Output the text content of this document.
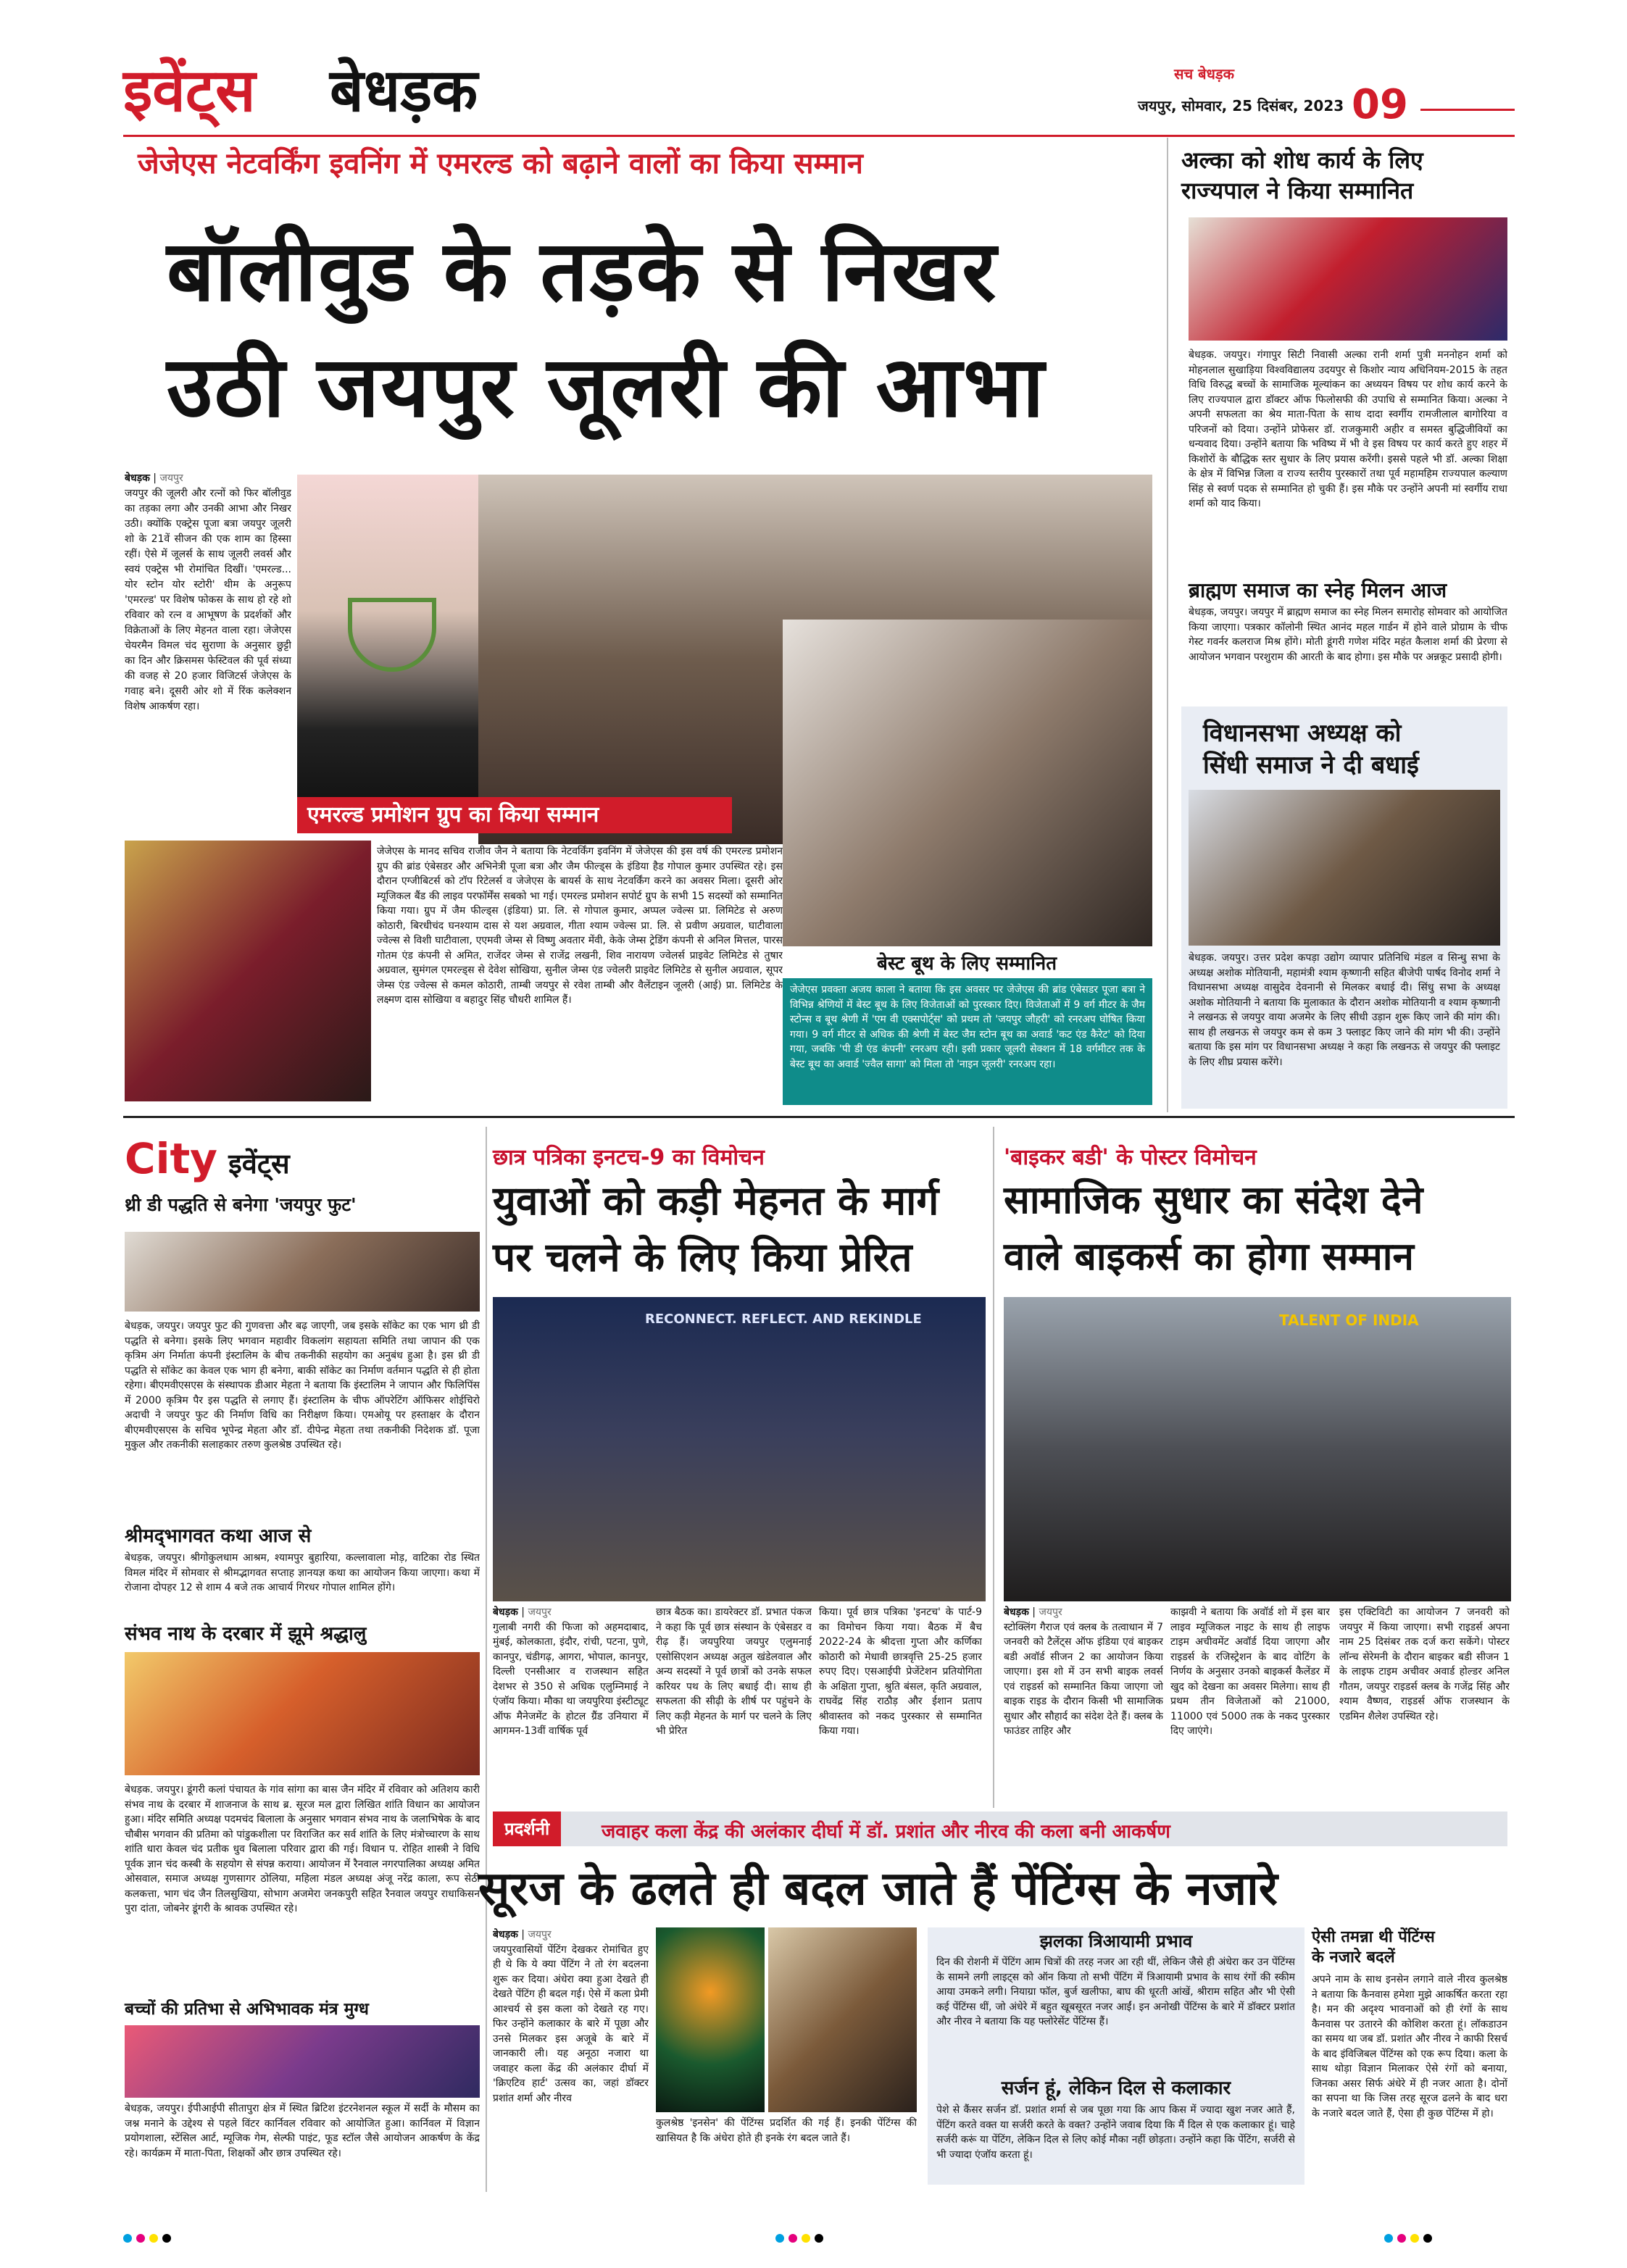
इवेंट्स बेधड़क	सच बेधड़क
जयपुर, सोमवार, 25 दिसंबर, 2023 09
जेजेएस नेटवर्किंग इवनिंग में एमरल्ड को बढ़ाने वालों का किया सम्मान
बॉलीवुड के तड़के से निखर
उठी जयपुर जूलरी की आभा
बेधड़क | जयपुर
जयपुर की जूलरी और रत्नों को फिर बॉलीवुड का तड़का लगा और उनकी आभा और निखर उठी। क्योंकि एक्ट्रेस पूजा बत्रा जयपुर जूलरी शो के 21वें सीजन की एक शाम का हिस्सा रहीं। ऐसे में जूलर्स के साथ जूलरी लवर्स और स्वयं एक्ट्रेस भी रोमांचित दिखीं। 'एमरल्ड... योर स्टोन योर स्टोरी' थीम के अनुरूप 'एमरल्ड' पर विशेष फोकस के साथ हो रहे शो रविवार को रत्न व आभूषण के प्रदर्शकों और विक्रेताओं के लिए मेहनत वाला रहा। जेजेएस चेयरमैन विमल चंद सुराणा के अनुसार छुट्टी का दिन और क्रिसमस फेस्टिवल की पूर्व संध्या की वजह से 20 हजार विजिटर्स जेजेएस के गवाह बने। दूसरी ओर शो में रिंक कलेक्शन विशेष आकर्षण रहा।
एमरल्ड प्रमोशन ग्रुप का किया सम्मान
जेजेएस के मानद सचिव राजीव जैन ने बताया कि नेटवर्किंग इवनिंग में जेजेएस की इस वर्ष की एमरल्ड प्रमोशन ग्रुप की ब्रांड एंबेसडर और अभिनेत्री पूजा बत्रा और जैम फील्ड्स के इंडिया हैड गोपाल कुमार उपस्थित रहे। इस दौरान एग्जीबिटर्स को टॉप रिटेलर्स व जेजेएस के बायर्स के साथ नेटवर्किंग करने का अवसर मिला। दूसरी ओर म्यूजिकल बैंड की लाइव परफॉर्मेंस सबको भा गई। एमरल्ड प्रमोशन सपोर्ट ग्रुप के सभी 15 सदस्यों को सम्मानित किया गया। ग्रुप में जैम फील्ड्स (इंडिया) प्रा. लि. से गोपाल कुमार, अप्पल ज्वेल्स प्रा. लिमिटेड से अरुण कोठारी, बिरधीचंद घनश्याम दास से यश अग्रवाल, गीता श्याम ज्वेल्स प्रा. लि. से प्रवीण अग्रवाल, घाटीवाला ज्वेल्स से विशी घाटीवाला, एएमवी जेम्स से विष्णु अवतार मेंवी, केके जेम्स ट्रेडिंग कंपनी से अनिल मित्तल, पारस गोतम एंड कंपनी से अमित, राजेंदर जेम्स से राजेंद्र लखनी, शिव नारायण ज्वेलर्स प्राइवेट लिमिटेड से तुषार अग्रवाल, सुमंगल एमरल्ड्स से देवेश सोखिया, सुनील जेम्स एंड ज्वेलरी प्राइवेट लिमिटेड से सुनील अग्रवाल, सूपर जेम्स एंड ज्वेल्स से कमल कोठारी, ताम्बी जयपुर से रवेश ताम्बी और वैलेंटाइन जूलरी (आई) प्रा. लिमिटेड के लक्ष्मण दास सोखिया व बहादुर सिंह चौधरी शामिल हैं।
बेस्ट बूथ के लिए सम्मानित
जेजेएस प्रवक्ता अजय काला ने बताया कि इस अवसर पर जेजेएस की ब्रांड एंबेसडर पूजा बत्रा ने विभिन्न श्रेणियों में बेस्ट बूथ के लिए विजेताओं को पुरस्कार दिए। विजेताओं में 9 वर्ग मीटर के जैम स्टोन्स व बूथ श्रेणी में 'एम वी एक्सपोर्ट्स' को प्रथम तो 'जयपुर जौहरी' को रनरअप घोषित किया गया। 9 वर्ग मीटर से अधिक की श्रेणी में बेस्ट जैम स्टोन बूथ का अवार्ड 'कट एंड कैरेट' को दिया गया, जबकि 'पी डी एंड कंपनी' रनरअप रही। इसी प्रकार जूलरी सेक्शन में 18 वर्गमीटर तक के बेस्ट बूथ का अवार्ड 'ज्वैल सागा' को मिला तो 'नाइन जूलरी' रनरअप रहा।
अल्का को शोध कार्य के लिए
राज्यपाल ने किया सम्मानित
बेधड़क. जयपुर। गंगापुर सिटी निवासी अल्का रानी शर्मा पुत्री मननोहन शर्मा को मोहनलाल सुखाड़िया विश्वविद्यालय उदयपुर से किशोर न्याय अधिनियम-2015 के तहत विधि विरुद्ध बच्चों के सामाजिक मूल्यांकन का अध्ययन विषय पर शोध कार्य करने के लिए राज्यपाल द्वारा डॉक्टर ऑफ फिलोसफी की उपाधि से सम्मानित किया। अल्का ने अपनी सफलता का श्रेय माता-पिता के साथ दादा स्वर्गीय रामजीलाल बागोरिया व परिजनों को दिया। उन्होंने प्रोफेसर डॉ. राजकुमारी अहीर व समस्त बुद्धिजीवियों का धन्यवाद दिया। उन्होंने बताया कि भविष्य में भी वे इस विषय पर कार्य करते हुए शहर में किशोरों के बौद्धिक स्तर सुधार के लिए प्रयास करेंगी। इससे पहले भी डॉ. अल्का शिक्षा के क्षेत्र में विभिन्न जिला व राज्य स्तरीय पुरस्कारों तथा पूर्व महामहिम राज्यपाल कल्याण सिंह से स्वर्ण पदक से सम्मानित हो चुकी हैं। इस मौके पर उन्होंने अपनी मां स्वर्गीय राधा शर्मा को याद किया।
ब्राह्मण समाज का स्नेह मिलन आज
बेधड़क, जयपुर। जयपुर में ब्राह्मण समाज का स्नेह मिलन समारोह सोमवार को आयोजित किया जाएगा। पत्रकार कॉलोनी स्थित आनंद महल गार्डन में होने वाले प्रोग्राम के चीफ गेस्ट गवर्नर कलराज मिश्र होंगे। मोती डूंगरी गणेश मंदिर महंत कैलाश शर्मा की प्रेरणा से आयोजन भगवान परशुराम की आरती के बाद होगा। इस मौके पर अन्नकूट प्रसादी होगी।
विधानसभा अध्यक्ष को
सिंधी समाज ने दी बधाई
बेधड़क. जयपुर। उत्तर प्रदेश कपड़ा उद्योग व्यापार प्रतिनिधि मंडल व सिन्धु सभा के अध्यक्ष अशोक मोतियानी, महामंत्री श्याम कृष्णानी सहित बीजेपी पार्षद विनोद शर्मा ने विधानसभा अध्यक्ष वासुदेव देवनानी से मिलकर बधाई दी। सिंधु सभा के अध्यक्ष अशोक मोतियानी ने बताया कि मुलाकात के दौरान अशोक मोतियानी व श्याम कृष्णानी ने लखनऊ से जयपुर वाया अजमेर के लिए सीधी उड़ान शुरू किए जाने की मांग की। साथ ही लखनऊ से जयपुर कम से कम 3 फ्लाइट किए जाने की मांग भी की। उन्होंने बताया कि इस मांग पर विधानसभा अध्यक्ष ने कहा कि लखनऊ से जयपुर की फ्लाइट के लिए शीघ्र प्रयास करेंगे।
City इवेंट्स
थ्री डी पद्धति से बनेगा 'जयपुर फुट'
बेधड़क, जयपुर। जयपुर फुट की गुणवत्ता और बढ़ जाएगी, जब इसके सॉकेट का एक भाग थ्री डी पद्धति से बनेगा। इसके लिए भगवान महावीर विकलांग सहायता समिति तथा जापान की एक कृत्रिम अंग निर्माता कंपनी इंस्टालिम के बीच तकनीकी सहयोग का अनुबंध हुआ है। इस थ्री डी पद्धति से सॉकेट का केवल एक भाग ही बनेगा, बाकी सॉकेट का निर्माण वर्तमान पद्धति से ही होता रहेगा। बीएमवीएसएस के संस्थापक डीआर मेहता ने बताया कि इंस्टालिम ने जापान और फिलिपिंस में 2000 कृत्रिम पैर इस पद्धति से लगाए हैं। इंस्टालिम के चीफ ऑपरेटिंग ऑफिसर शोईचिरो अदाची ने जयपुर फुट की निर्माण विधि का निरीक्षण किया। एमओयू पर हस्ताक्षर के दौरान बीएमवीएसएस के सचिव भूपेन्द्र मेहता और डॉ. दीपेन्द्र मेहता तथा तकनीकी निदेशक डॉ. पूजा मुकुल और तकनीकी सलाहकार तरुण कुलश्रेष्ठ उपस्थित रहे।
श्रीमद्‌भागवत कथा आज से
बेधड़क, जयपुर। श्रीगोकुलधाम आश्रम, श्यामपुर बुहारिया, कल्लावाला मोड़, वाटिका रोड स्थित विमल मंदिर में सोमवार से श्रीमद्भागवत सप्ताह ज्ञानयज्ञ कथा का आयोजन किया जाएगा। कथा में रोजाना दोपहर 12 से शाम 4 बजे तक आचार्य गिरधर गोपाल शामिल होंगे।
संभव नाथ के दरबार में झूमे श्रद्धालु
बेधड़क. जयपुर। डूंगरी कलां पंचायत के गांव सांगा का बास जैन मंदिर में रविवार को अतिशय कारी संभव नाथ के दरबार में शाजनाज के साथ ब्र. सूरज मल द्वारा लिखित शांति विधान का आयोजन हुआ। मंदिर समिति अध्यक्ष पदमचंद बिलाला के अनुसार भगवान संभव नाथ के जलाभिषेक के बाद चौबीस भगवान की प्रतिमा को पांडुकशीला पर विराजित कर सर्व शांति के लिए मंत्रोच्चारण के साथ शांति धारा केवल चंद प्रतीक धुव बिलाला परिवार द्वारा की गई। विधान प. रोहित शास्त्री ने विधि पूर्वक ज्ञान चंद कस्बी के सहयोग से संपन्न कराया। आयोजन में रैनवाल नगरपालिका अध्यक्ष अमित ओसवाल, समाज अध्यक्ष गुणसागर ठोलिया, महिला मंडल अध्यक्ष अंजू नरेंद्र काला, रूप सेठी कलकत्ता, भाग चंद जैन तिलसुखिया, सोभाग अजमेरा जनकपुरी सहित रैनवाल जयपुर राधाकिसन पुरा दांता, जोबनेर डूंगरी के श्रावक उपस्थित रहे।
बच्चों की प्रतिभा से अभिभावक मंत्र मुग्ध
बेधड़क, जयपुर। ईपीआईपी सीतापुरा क्षेत्र में स्थित ब्रिटिश इंटरनेशनल स्कूल में सर्दी के मौसम का जश्न मनाने के उद्देश्य से पहले विंटर कार्निवल रविवार को आयोजित हुआ। कार्निवल में विज्ञान प्रयोगशाला, स्टेंसिल आर्ट, म्यूजिक गेम, सेल्फी पाइंट, फूड स्टॉल जैसे आयोजन आकर्षण के केंद्र रहे। कार्यक्रम में माता-पिता, शिक्षकों और छात्र उपस्थित रहे।
छात्र पत्रिका इनटच-9 का विमोचन
युवाओं को कड़ी मेहनत के मार्ग
पर चलने के लिए किया प्रेरित
RECONNECT. REFLECT. AND REKINDLE
बेधड़क | जयपुर
गुलाबी नगरी की फिजा को अहमदाबाद, मुंबई, कोलकाता, इंदौर, रांची, पटना, पुणे, कानपुर, चंडीगढ़, आगरा, भोपाल, कानपुर, दिल्ली एनसीआर व राजस्थान सहित देशभर से 350 से अधिक एलुम्निमाई ने एंजॉय किया। मौका था जयपुरिया इंस्टीट्यूट ऑफ मैनेजमेंट के होटल ग्रैंड उनियारा में आगमन-13वीं वार्षिक पूर्व
छात्र बैठक का। डायरेक्टर डॉ. प्रभात पंकज ने कहा कि पूर्व छात्र संस्थान के एंबेसडर व रीढ़ हैं। जयपुरिया जयपुर एलुमनाई एसोसिएशन अध्यक्ष अतुल खंडेलवाल और अन्य सदस्यों ने पूर्व छात्रों को उनके सफल करियर पथ के लिए बधाई दी। साथ ही सफलता की सीढ़ी के शीर्ष पर पहुंचने के लिए कड़ी मेहनत के मार्ग पर चलने के लिए भी प्रेरित
किया। पूर्व छात्र पत्रिका 'इनटच' के पार्ट-9 का विमोचन किया गया। बैठक में बैच 2022-24 के श्रीदत्ता गुप्ता और कर्णिका कोठारी को मेधावी छात्रवृत्ति 25-25 हजार रुपए दिए। एसआईपी प्रेजेंटेशन प्रतियोगिता के अक्षिता गुप्ता, श्रुति बंसल, कृति अग्रवाल, राघवेंद्र सिंह राठौड़ और ईशान प्रताप श्रीवास्तव को नकद पुरस्कार से सम्मानित किया गया।
'बाइकर बडी' के पोस्टर विमोचन
सामाजिक सुधार का संदेश देने
वाले बाइकर्स का होगा सम्मान
TALENT OF INDIA
बेधड़क | जयपुर
स्टोक्लिंग गैराज एवं क्लब के तत्वाधान में 7 जनवरी को टैलेंट्स ऑफ इंडिया एवं बाइकर बडी अवॉर्ड सीजन 2 का आयोजन किया जाएगा। इस शो में उन सभी बाइक लवर्स एवं राइडर्स को सम्मानित किया जाएगा जो बाइक राइड के दौरान किसी भी सामाजिक सुधार और सौहार्द का संदेश देते हैं। क्लब के फाउंडर ताहिर और
काझवी ने बताया कि अवॉर्ड शो में इस बार लाइव म्यूजिकल नाइट के साथ ही लाइफ टाइम अचीवमेंट अवॉर्ड दिया जाएगा और राइडर्स के रजिस्ट्रेशन के बाद वोटिंग के निर्णय के अनुसार उनको बाइकर्स कैलेंडर में खुद को देखना का अवसर मिलेगा। साथ ही प्रथम तीन विजेताओं को 21000, 11000 एवं 5000 तक के नकद पुरस्कार दिए जाएंगे।
इस एक्टिविटी का आयोजन 7 जनवरी को जयपुर में किया जाएगा। सभी राइडर्स अपना नाम 25 दिसंबर तक दर्ज करा सकेंगे। पोस्टर लॉन्च सेरेमनी के दौरान बाइकर बडी सीजन 1 के लाइफ टाइम अचीवर अवार्ड होल्डर अनिल गौतम, जयपुर राइडर्स क्लब के गजेंद्र सिंह और श्याम वैष्णव, राइडर्स ऑफ राजस्थान के एडमिन शैलेश उपस्थित रहे।
प्रदर्शनी	जवाहर कला केंद्र की अलंकार दीर्घा में डॉ. प्रशांत और नीरव की कला बनी आकर्षण
सूरज के ढलते ही बदल जाते हैं पेंटिंग्स के नजारे
बेधड़क | जयपुर
जयपुरवासियों पेंटिंग देखकर रोमांचित हुए ही थे कि ये क्या पेंटिंग ने तो रंग बदलना शुरू कर दिया। अंधेरा क्या हुआ देखते ही देखते पेंटिंग ही बदल गई। ऐसे में कला प्रेमी आश्चर्य से इस कला को देखते रह गए। फिर उन्होंने कलाकार के बारे में पूछा और उनसे मिलकर इस अजूबे के बारे में जानकारी ली। यह अनूठा नजारा था जवाहर कला केंद्र की अलंकार दीर्घा में 'क्रिएटिव हार्ट' उत्सव का, जहां डॉक्टर प्रशांत शर्मा और नीरव
कुलश्रेष्ठ 'इनसेन' की पेंटिंग्स प्रदर्शित की गई हैं। इनकी पेंटिंग्स की खासियत है कि अंधेरा होते ही इनके रंग बदल जाते हैं।
झलका त्रिआयामी प्रभाव
दिन की रोशनी में पेंटिंग आम चित्रों की तरह नजर आ रही थीं, लेकिन जैसे ही अंधेरा कर उन पेंटिंग्स के सामने लगी लाइट्स को ऑन किया तो सभी पेंटिंग में त्रिआयामी प्रभाव के साथ रंगों की स्कीम आया उमकने लगी। नियाग्रा फॉल, बुर्ज खलीफा, बाघ की धूरती आंखें, श्रीराम सहित और भी ऐसी कई पेंटिंग्स थीं, जो अंधेरे में बहुत खूबसूरत नजर आईं। इन अनोखी पेंटिंग्स के बारे में डॉक्टर प्रशांत और नीरव ने बताया कि यह फ्लोरेसेंट पेंटिंग्स हैं।
सर्जन हूं, लेकिन दिल से कलाकार
पेशे से कैंसर सर्जन डॉ. प्रशांत शर्मा से जब पूछा गया कि आप किस में ज्यादा खुश नजर आते हैं, पेंटिंग करते वक्त या सर्जरी करते के वक्त? उन्होंने जवाब दिया कि मैं दिल से एक कलाकार हूं। चाहे सर्जरी करूं या पेंटिंग, लेकिन दिल से लिए कोई मौका नहीं छोड़ता। उन्होंने कहा कि पेंटिंग, सर्जरी से भी ज्यादा एंजॉय करता हूं।
ऐसी तमन्ना थी पेंटिंग्स
के नजारे बदलें
अपने नाम के साथ इनसेन लगाने वाले नीरव कुलश्रेष्ठ ने बताया कि कैनवास हमेशा मुझे आकर्षित करता रहा है। मन की अदृश्य भावनाओं को ही रंगों के साथ कैनवास पर उतारने की कोशिश करता हूं। लॉकडाउन का समय था जब डॉ. प्रशांत और नीरव ने काफी रिसर्च के बाद इंविजिबल पेंटिंग्स को एक रूप दिया। कला के साथ थोड़ा विज्ञान मिलाकर ऐसे रंगों को बनाया, जिनका असर सिर्फ अंधेरे में ही नजर आता है। दोनों का सपना था कि जिस तरह सूरज ढलने के बाद धरा के नजारे बदल जाते हैं, ऐसा ही कुछ पेंटिंग्स में हो।
